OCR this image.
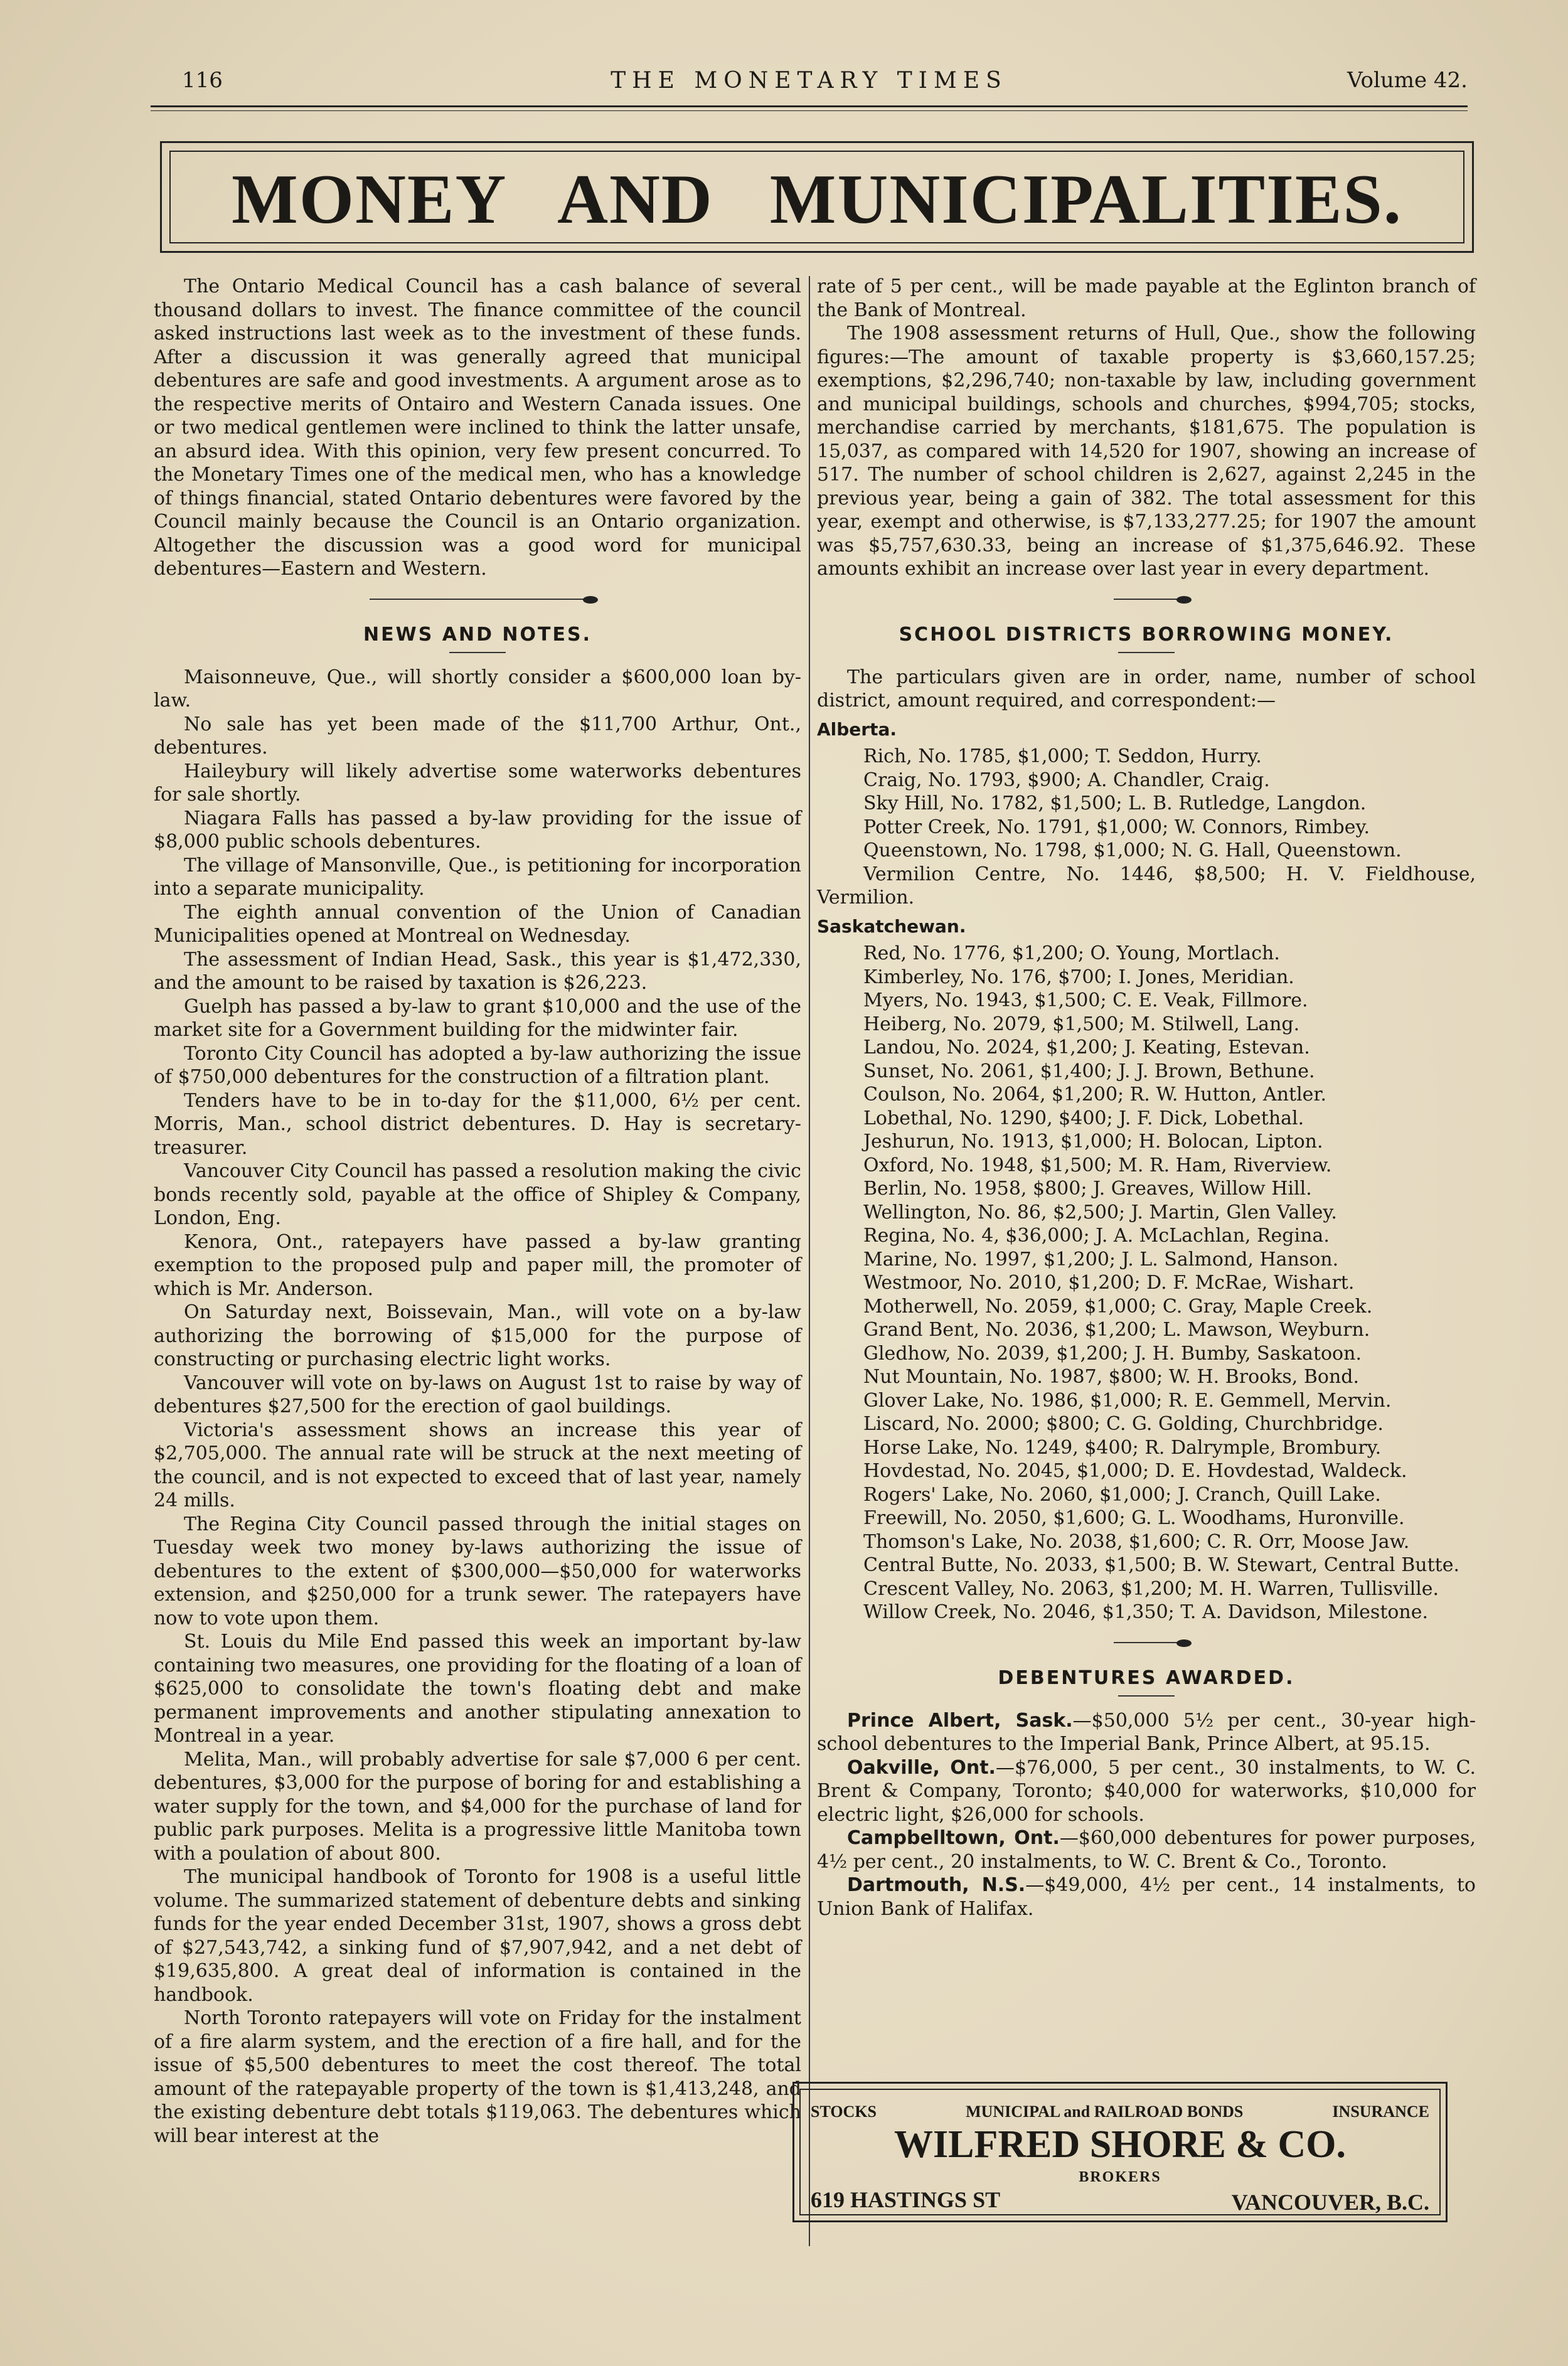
116	THE MONETARY TIMES	Volume 42.
MONEY AND MUNICIPALITIES.

The Ontario Medical Council has a cash balance of several thousand dollars to invest. The finance committee of the council asked instructions last week as to the investment of these funds. After a discussion it was generally agreed that municipal debentures are safe and good investments. A argument arose as to the respective merits of Ontairo and Western Canada issues. One or two medical gentlemen were inclined to think the latter unsafe, an absurd idea. With this opinion, very few present concurred. To the Monetary Times one of the medical men, who has a knowledge of things financial, stated Ontario debentures were favored by the Council mainly because the Council is an Ontario organization. Altogether the discussion was a good word for municipal debentures—Eastern and Western.

NEWS AND NOTES.

Maisonneuve, Que., will shortly consider a $600,000 loan by-law.

No sale has yet been made of the $11,700 Arthur, Ont., debentures.

Haileybury will likely advertise some waterworks debentures for sale shortly.

Niagara Falls has passed a by-law providing for the issue of $8,000 public schools debentures.

The village of Mansonville, Que., is petitioning for incorporation into a separate municipality.

The eighth annual convention of the Union of Canadian Municipalities opened at Montreal on Wednesday.

The assessment of Indian Head, Sask., this year is $1,472,330, and the amount to be raised by taxation is $26,223.

Guelph has passed a by-law to grant $10,000 and the use of the market site for a Government building for the midwinter fair.

Toronto City Council has adopted a by-law authorizing the issue of $750,000 debentures for the construction of a filtration plant.

Tenders have to be in to-day for the $11,000, 6½ per cent. Morris, Man., school district debentures. D. Hay is secretary-treasurer.

Vancouver City Council has passed a resolution making the civic bonds recently sold, payable at the office of Shipley & Company, London, Eng.

Kenora, Ont., ratepayers have passed a by-law granting exemption to the proposed pulp and paper mill, the promoter of which is Mr. Anderson.

On Saturday next, Boissevain, Man., will vote on a by-law authorizing the borrowing of $15,000 for the purpose of constructing or purchasing electric light works.

Vancouver will vote on by-laws on August 1st to raise by way of debentures $27,500 for the erection of gaol buildings.

Victoria's assessment shows an increase this year of $2,705,000. The annual rate will be struck at the next meeting of the council, and is not expected to exceed that of last year, namely 24 mills.

The Regina City Council passed through the initial stages on Tuesday week two money by-laws authorizing the issue of debentures to the extent of $300,000—$50,000 for waterworks extension, and $250,000 for a trunk sewer. The ratepayers have now to vote upon them.

St. Louis du Mile End passed this week an important by-law containing two measures, one providing for the floating of a loan of $625,000 to consolidate the town's floating debt and make permanent improvements and another stipulating annexation to Montreal in a year.

Melita, Man., will probably advertise for sale $7,000 6 per cent. debentures, $3,000 for the purpose of boring for and establishing a water supply for the town, and $4,000 for the purchase of land for public park purposes. Melita is a progressive little Manitoba town with a poulation of about 800.

The municipal handbook of Toronto for 1908 is a useful little volume. The summarized statement of debenture debts and sinking funds for the year ended December 31st, 1907, shows a gross debt of $27,543,742, a sinking fund of $7,907,942, and a net debt of $19,635,800. A great deal of information is contained in the handbook.

North Toronto ratepayers will vote on Friday for the instalment of a fire alarm system, and the erection of a fire hall, and for the issue of $5,500 debentures to meet the cost thereof. The total amount of the ratepayable property of the town is $1,413,248, and the existing debenture debt totals $119,063. The debentures which will bear interest at the

rate of 5 per cent., will be made payable at the Eglinton branch of the Bank of Montreal.

The 1908 assessment returns of Hull, Que., show the following figures:—The amount of taxable property is $3,660,157.25; exemptions, $2,296,740; non-taxable by law, including government and municipal buildings, schools and churches, $994,705; stocks, merchandise carried by merchants, $181,675. The population is 15,037, as compared with 14,520 for 1907, showing an increase of 517. The number of school children is 2,627, against 2,245 in the previous year, being a gain of 382. The total assessment for this year, exempt and otherwise, is $7,133,277.25; for 1907 the amount was $5,757,630.33, being an increase of $1,375,646.92. These amounts exhibit an increase over last year in every department.

SCHOOL DISTRICTS BORROWING MONEY.

The particulars given are in order, name, number of school district, amount required, and correspondent:—

Alberta.

Rich, No. 1785, $1,000; T. Seddon, Hurry.

Craig, No. 1793, $900; A. Chandler, Craig.

Sky Hill, No. 1782, $1,500; L. B. Rutledge, Langdon.

Potter Creek, No. 1791, $1,000; W. Connors, Rimbey.

Queenstown, No. 1798, $1,000; N. G. Hall, Queenstown.

Vermilion Centre, No. 1446, $8,500; H. V. Fieldhouse, Vermilion.

Saskatchewan.

Red, No. 1776, $1,200; O. Young, Mortlach.

Kimberley, No. 176, $700; I. Jones, Meridian.

Myers, No. 1943, $1,500; C. E. Veak, Fillmore.

Heiberg, No. 2079, $1,500; M. Stilwell, Lang.

Landou, No. 2024, $1,200; J. Keating, Estevan.

Sunset, No. 2061, $1,400; J. J. Brown, Bethune.

Coulson, No. 2064, $1,200; R. W. Hutton, Antler.

Lobethal, No. 1290, $400; J. F. Dick, Lobethal.

Jeshurun, No. 1913, $1,000; H. Bolocan, Lipton.

Oxford, No. 1948, $1,500; M. R. Ham, Riverview.

Berlin, No. 1958, $800; J. Greaves, Willow Hill.

Wellington, No. 86, $2,500; J. Martin, Glen Valley.

Regina, No. 4, $36,000; J. A. McLachlan, Regina.

Marine, No. 1997, $1,200; J. L. Salmond, Hanson.

Westmoor, No. 2010, $1,200; D. F. McRae, Wishart.

Motherwell, No. 2059, $1,000; C. Gray, Maple Creek.

Grand Bent, No. 2036, $1,200; L. Mawson, Weyburn.

Gledhow, No. 2039, $1,200; J. H. Bumby, Saskatoon.

Nut Mountain, No. 1987, $800; W. H. Brooks, Bond.

Glover Lake, No. 1986, $1,000; R. E. Gemmell, Mervin.

Liscard, No. 2000; $800; C. G. Golding, Churchbridge.

Horse Lake, No. 1249, $400; R. Dalrymple, Brombury.

Hovdestad, No. 2045, $1,000; D. E. Hovdestad, Waldeck.

Rogers' Lake, No. 2060, $1,000; J. Cranch, Quill Lake.

Freewill, No. 2050, $1,600; G. L. Woodhams, Huronville.

Thomson's Lake, No. 2038, $1,600; C. R. Orr, Moose Jaw.

Central Butte, No. 2033, $1,500; B. W. Stewart, Central Butte.

Crescent Valley, No. 2063, $1,200; M. H. Warren, Tullisville.

Willow Creek, No. 2046, $1,350; T. A. Davidson, Milestone.

DEBENTURES AWARDED.

Prince Albert, Sask.—$50,000 5½ per cent., 30-year high-school debentures to the Imperial Bank, Prince Albert, at 95.15.

Oakville, Ont.—$76,000, 5 per cent., 30 instalments, to W. C. Brent & Company, Toronto; $40,000 for waterworks, $10,000 for electric light, $26,000 for schools.

Campbelltown, Ont.—$60,000 debentures for power purposes, 4½ per cent., 20 instalments, to W. C. Brent & Co., Toronto.

Dartmouth, N.S.—$49,000, 4½ per cent., 14 instalments, to Union Bank of Halifax.

STOCKS	MUNICIPAL and RAILROAD BONDS	INSURANCE
WILFRED SHORE & CO.
BROKERS
619 HASTINGS ST	VANCOUVER, B.C.
